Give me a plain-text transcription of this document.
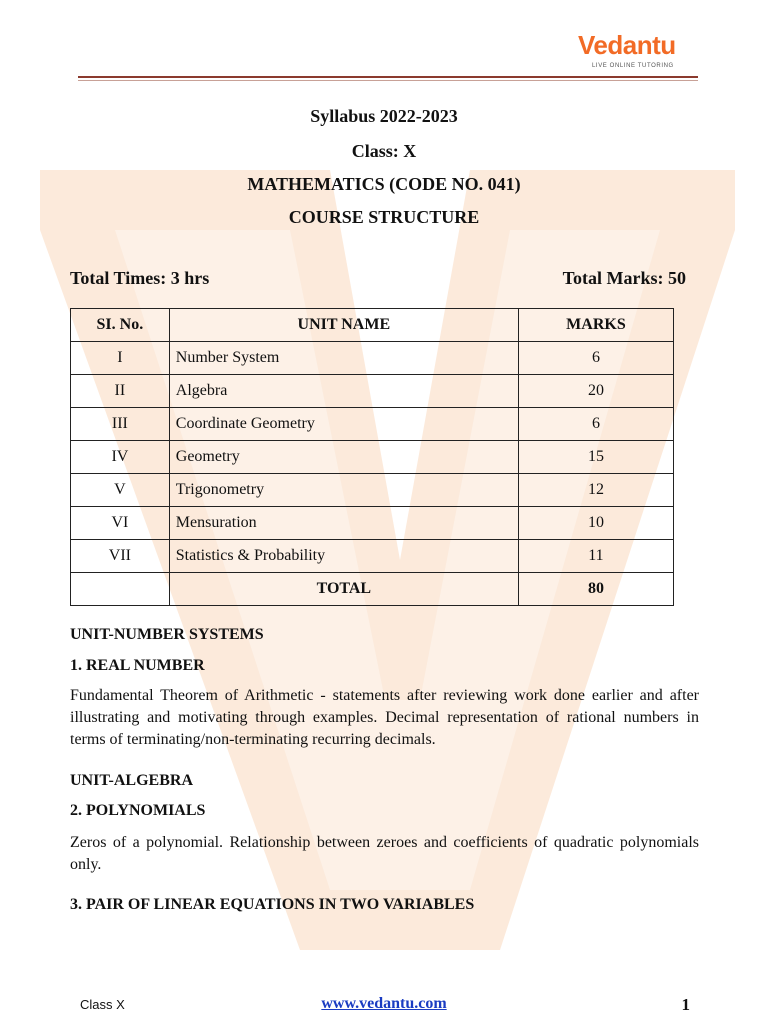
Vedantu
LIVE ONLINE TUTORING
Syllabus 2022-2023
Class: X
MATHEMATICS (CODE NO. 041)
COURSE STRUCTURE
Total Times: 3 hrs	Total Marks: 50
SI. No.	UNIT NAME	MARKS
I	Number System	6
II	Algebra	20
III	Coordinate Geometry	6
IV	Geometry	15
V	Trigonometry	12
VI	Mensuration	10
VII	Statistics & Probability	11
	TOTAL	80
UNIT-NUMBER SYSTEMS
1. REAL NUMBER
Fundamental Theorem of Arithmetic - statements after reviewing work done earlier and after illustrating and motivating through examples. Decimal representation of rational numbers in terms of terminating/non-terminating recurring decimals.
UNIT-ALGEBRA
2. POLYNOMIALS
Zeros of a polynomial. Relationship between zeroes and coefficients of quadratic polynomials only.
3. PAIR OF LINEAR EQUATIONS IN TWO VARIABLES
Class X	www.vedantu.com	1
